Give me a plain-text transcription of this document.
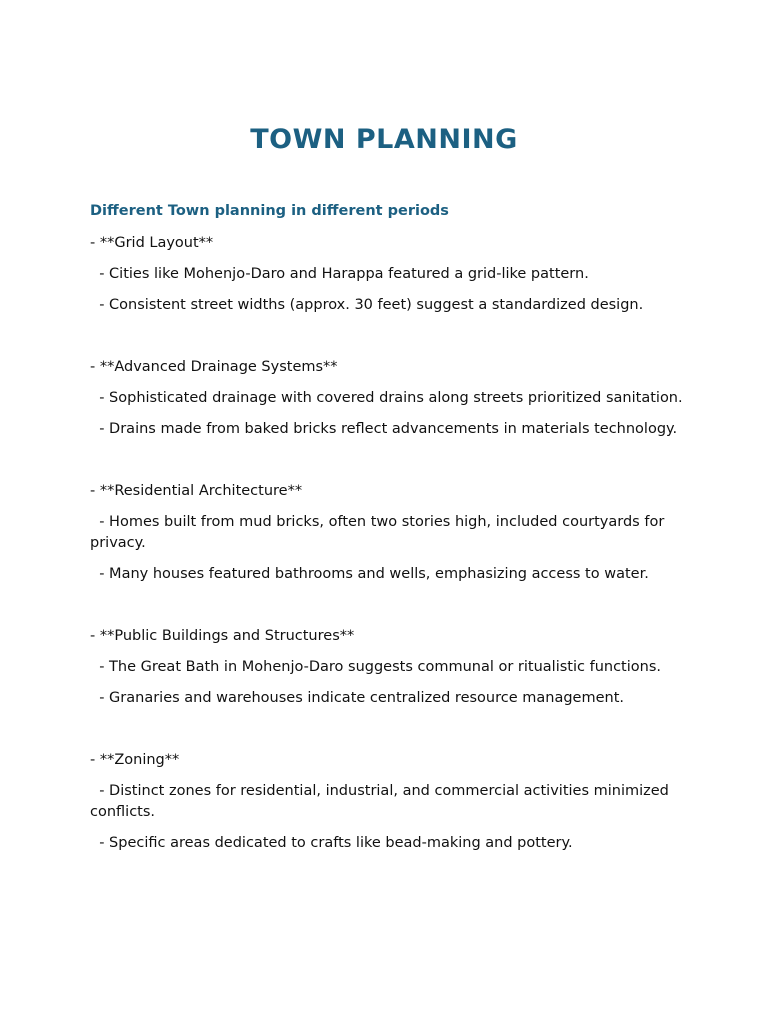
TOWN PLANNING
Different Town planning in different periods

- **Grid Layout**

- Cities like Mohenjo-Daro and Harappa featured a grid-like pattern.

- Consistent street widths (approx. 30 feet) suggest a standardized design.

- **Advanced Drainage Systems**

- Sophisticated drainage with covered drains along streets prioritized sanitation.

- Drains made from baked bricks reflect advancements in materials technology.

- **Residential Architecture**

- Homes built from mud bricks, often two stories high, included courtyards for privacy.

- Many houses featured bathrooms and wells, emphasizing access to water.

- **Public Buildings and Structures**

- The Great Bath in Mohenjo-Daro suggests communal or ritualistic functions.

- Granaries and warehouses indicate centralized resource management.

- **Zoning**

- Distinct zones for residential, industrial, and commercial activities minimized conflicts.

- Specific areas dedicated to crafts like bead-making and pottery.
